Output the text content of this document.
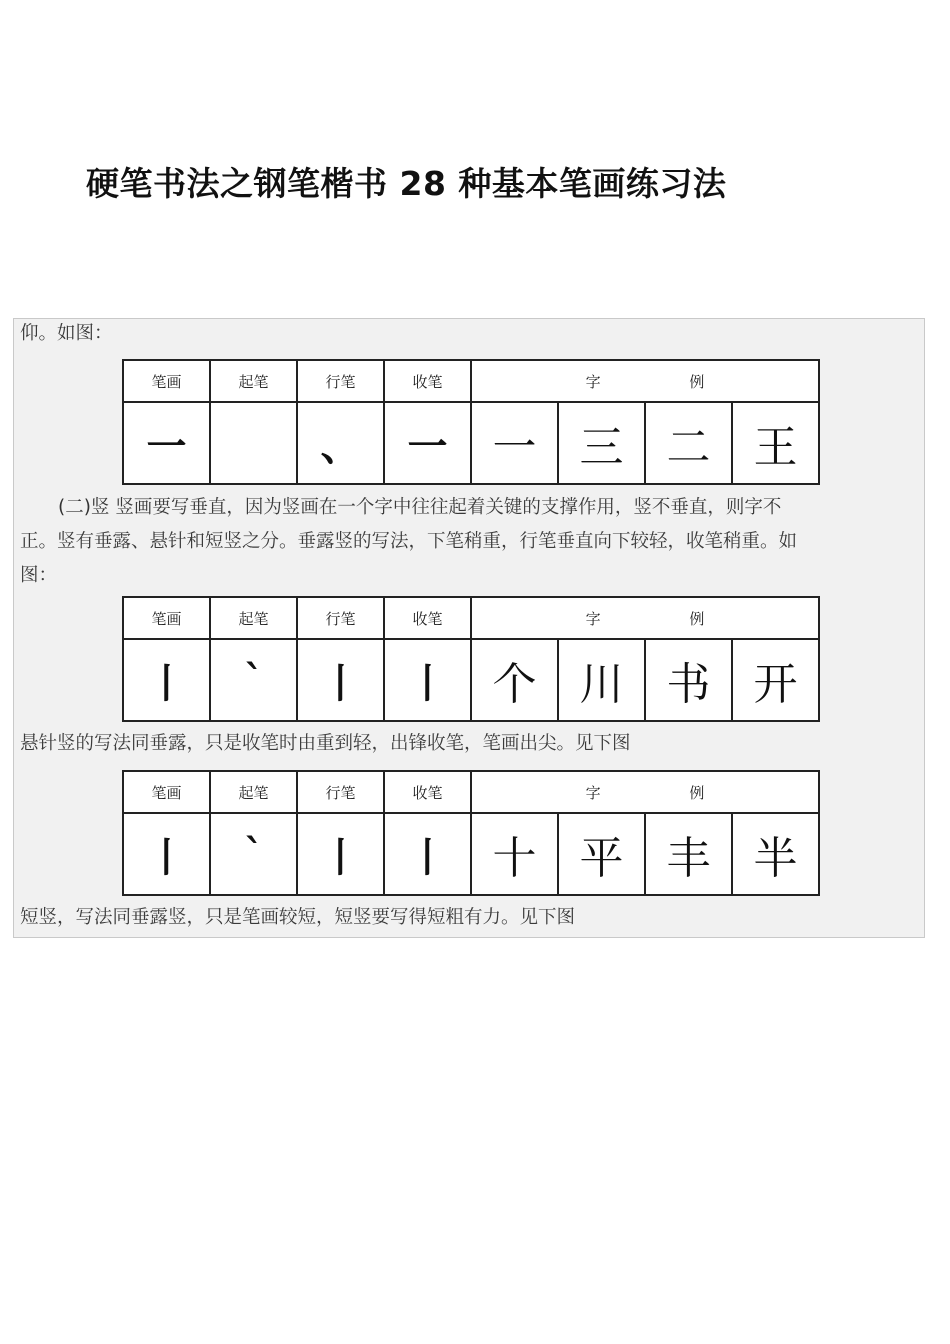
硬笔书法之钢笔楷书 28 种基本笔画练习法
仰。如图：
笔画	起笔	行笔	收笔	字 例			
一		、	一	一	三	二	王
(二)竖 竖画要写垂直，因为竖画在一个字中往往起着关键的支撑作用，竖不垂直，则字不
正。竖有垂露、悬针和短竖之分。垂露竖的写法，下笔稍重，行笔垂直向下较轻，收笔稍重。如
图：
笔画	起笔	行笔	收笔	字 例			
丨	ˋ	丨	丨	个	川	书	开
悬针竖的写法同垂露，只是收笔时由重到轻，出锋收笔，笔画出尖。见下图
笔画	起笔	行笔	收笔	字 例			
丨	ˋ	丨	丨	十	平	丰	半
短竖，写法同垂露竖，只是笔画较短，短竖要写得短粗有力。见下图
